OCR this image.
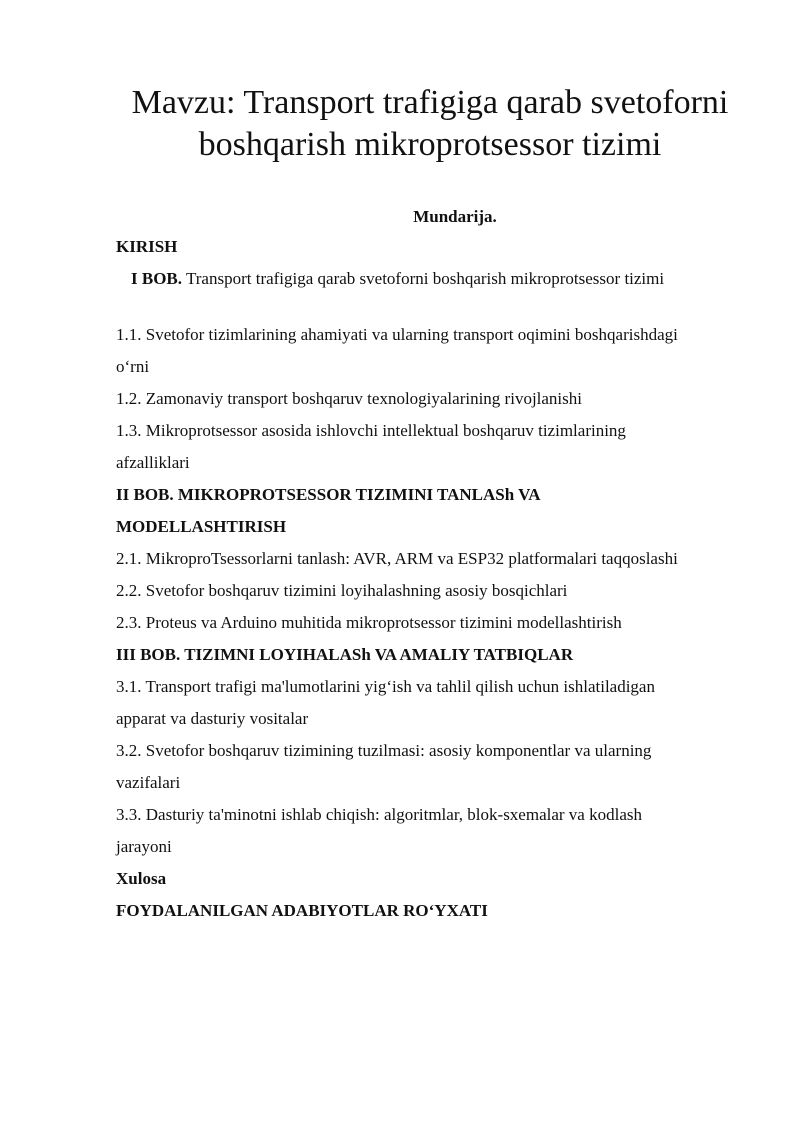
Mavzu: Transport trafigiga qarab svetoforni
boshqarish mikroprotsessor tizimi
Mundarija.
KIRISH
I BOB. Transport trafigiga qarab svetoforni boshqarish mikroprotsessor tizimi
1.1. Svetofor tizimlarining ahamiyati va ularning transport oqimini boshqarishdagi
o‘rni
1.2. Zamonaviy transport boshqaruv texnologiyalarining rivojlanishi
1.3. Mikroprotsessor asosida ishlovchi intellektual boshqaruv tizimlarining
afzalliklari
II BOB. MIKROPROTSESSOR TIZIMINI TANLASh VA
MODELLASHTIRISH
2.1. MikroproTsessorlarni tanlash: AVR, ARM va ESP32 platformalari taqqoslashi
2.2. Svetofor boshqaruv tizimini loyihalashning asosiy bosqichlari
2.3. Proteus va Arduino muhitida mikroprotsessor tizimini modellashtirish
III BOB. TIZIMNI LOYIHALASh VA AMALIY TATBIQLAR
3.1. Transport trafigi ma'lumotlarini yig‘ish va tahlil qilish uchun ishlatiladigan
apparat va dasturiy vositalar
3.2. Svetofor boshqaruv tizimining tuzilmasi: asosiy komponentlar va ularning
vazifalari
3.3. Dasturiy ta'minotni ishlab chiqish: algoritmlar, blok-sxemalar va kodlash
jarayoni
Xulosa
FOYDALANILGAN ADABIYOTLAR RO‘YXATI
